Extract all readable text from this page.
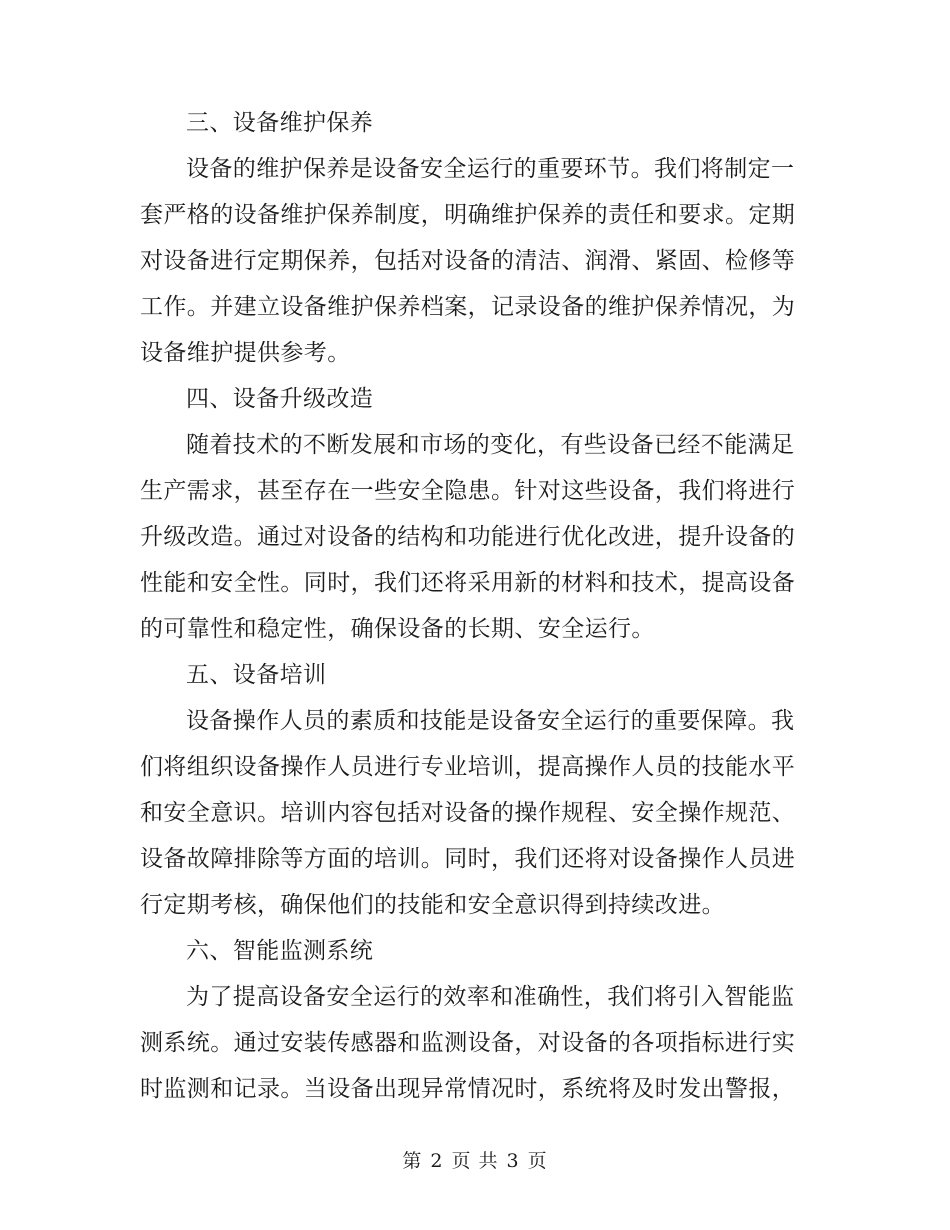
三、设备维护保养
设备的维护保养是设备安全运行的重要环节。我们将制定一
套严格的设备维护保养制度，明确维护保养的责任和要求。定期
对设备进行定期保养，包括对设备的清洁、润滑、紧固、检修等
工作。并建立设备维护保养档案，记录设备的维护保养情况，为
设备维护提供参考。
四、设备升级改造
随着技术的不断发展和市场的变化，有些设备已经不能满足
生产需求，甚至存在一些安全隐患。针对这些设备，我们将进行
升级改造。通过对设备的结构和功能进行优化改进，提升设备的
性能和安全性。同时，我们还将采用新的材料和技术，提高设备
的可靠性和稳定性，确保设备的长期、安全运行。
五、设备培训
设备操作人员的素质和技能是设备安全运行的重要保障。我
们将组织设备操作人员进行专业培训，提高操作人员的技能水平
和安全意识。培训内容包括对设备的操作规程、安全操作规范、
设备故障排除等方面的培训。同时，我们还将对设备操作人员进
行定期考核，确保他们的技能和安全意识得到持续改进。
六、智能监测系统
为了提高设备安全运行的效率和准确性，我们将引入智能监
测系统。通过安装传感器和监测设备，对设备的各项指标进行实
时监测和记录。当设备出现异常情况时，系统将及时发出警报，
第 2 页 共 3 页
